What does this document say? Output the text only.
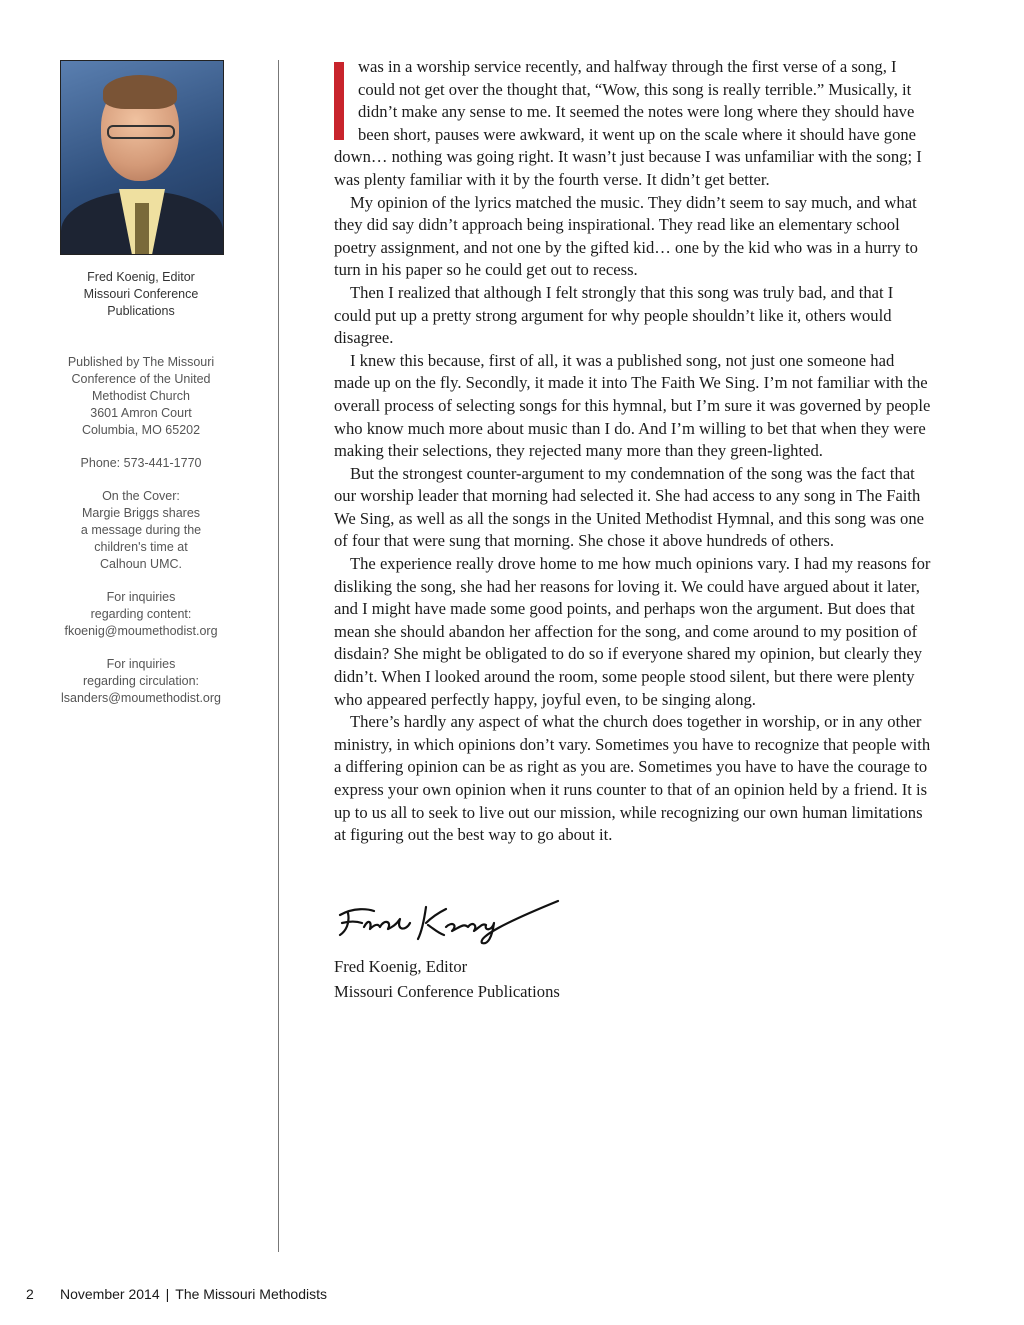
Fred Koenig, Editor
Missouri Conference
Publications
Published by The Missouri
Conference of the United
Methodist Church
3601 Amron Court
Columbia, MO 65202
Phone: 573-441-1770
On the Cover:
Margie Briggs shares
a message during the
children's time at
Calhoun UMC.
For inquiries
regarding content:
fkoenig@moumethodist.org
For inquiries
regarding circulation:
lsanders@moumethodist.org

was in a worship service recently, and halfway through the first verse of a song, I could not get over the thought that, “Wow, this song is really terrible.” Musically, it didn’t make any sense to me. It seemed the notes were long where they should have been short, pauses were awkward, it went up on the scale where it should have gone down… nothing was going right. It wasn’t just because I was unfamiliar with the song; I was plenty familiar with it by the fourth verse. It didn’t get better.

My opinion of the lyrics matched the music. They didn’t seem to say much, and what they did say didn’t approach being inspirational. They read like an elementary school poetry assignment, and not one by the gifted kid… one by the kid who was in a hurry to turn in his paper so he could get out to recess.

Then I realized that although I felt strongly that this song was truly bad, and that I could put up a pretty strong argument for why people shouldn’t like it, others would disagree.

I knew this because, first of all, it was a published song, not just one someone had made up on the fly. Secondly, it made it into The Faith We Sing. I’m not familiar with the overall process of selecting songs for this hymnal, but I’m sure it was governed by people who know much more about music than I do. And I’m willing to bet that when they were making their selections, they rejected many more than they green-lighted.

But the strongest counter-argument to my condemnation of the song was the fact that our worship leader that morning had selected it. She had access to any song in The Faith We Sing, as well as all the songs in the United Methodist Hymnal, and this song was one of four that were sung that morning. She chose it above hundreds of others.

The experience really drove home to me how much opinions vary. I had my reasons for disliking the song, she had her reasons for loving it. We could have argued about it later, and I might have made some good points, and perhaps won the argument. But does that mean she should abandon her affection for the song, and come around to my position of disdain? She might be obligated to do so if everyone shared my opinion, but clearly they didn’t. When I looked around the room, some people stood silent, but there were plenty who appeared perfectly happy, joyful even, to be singing along.

There’s hardly any aspect of what the church does together in worship, or in any other ministry, in which opinions don’t vary. Sometimes you have to recognize that people with a differing opinion can be as right as you are. Sometimes you have to have the courage to express your own opinion when it runs counter to that of an opinion held by a friend. It is up to us all to seek to live out our mission, while recognizing our own human limitations at figuring out the best way to go about it.

Fred Koenig, Editor
Missouri Conference Publications
2 November 2014 | The Missouri Methodists
